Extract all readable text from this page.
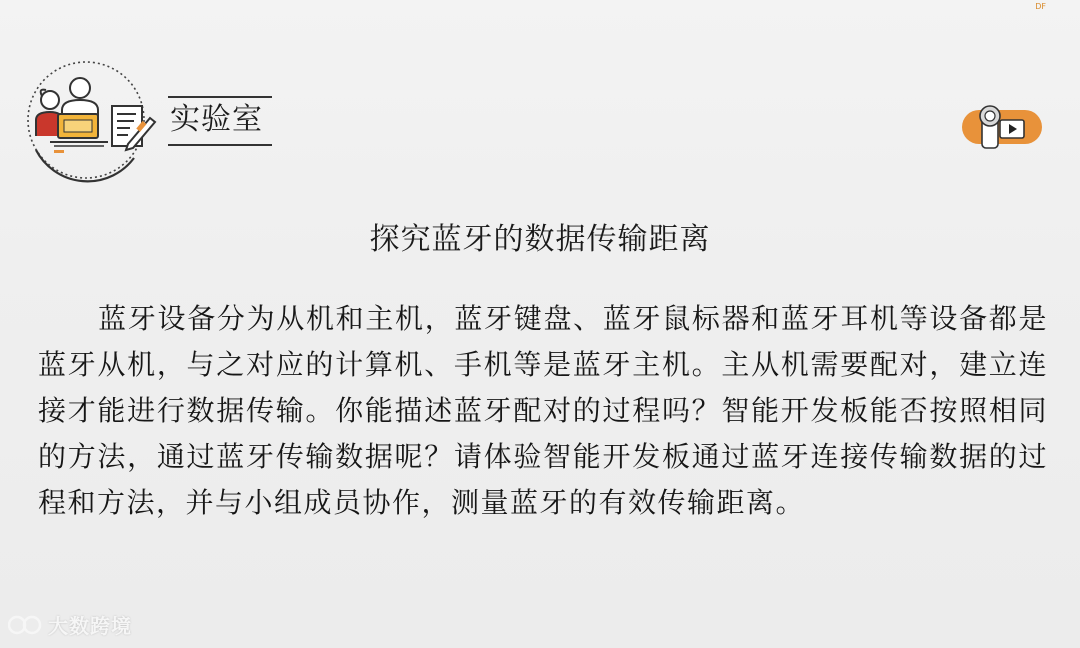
DF
实验室
探究蓝牙的数据传输距离

蓝牙设备分为从机和主机，蓝牙键盘、蓝牙鼠标器和蓝牙耳机等设备都是蓝牙从机，与之对应的计算机、手机等是蓝牙主机。主从机需要配对，建立连接才能进行数据传输。你能描述蓝牙配对的过程吗？智能开发板能否按照相同的方法，通过蓝牙传输数据呢？请体验智能开发板通过蓝牙连接传输数据的过程和方法，并与小组成员协作，测量蓝牙的有效传输距离。

大数跨境
